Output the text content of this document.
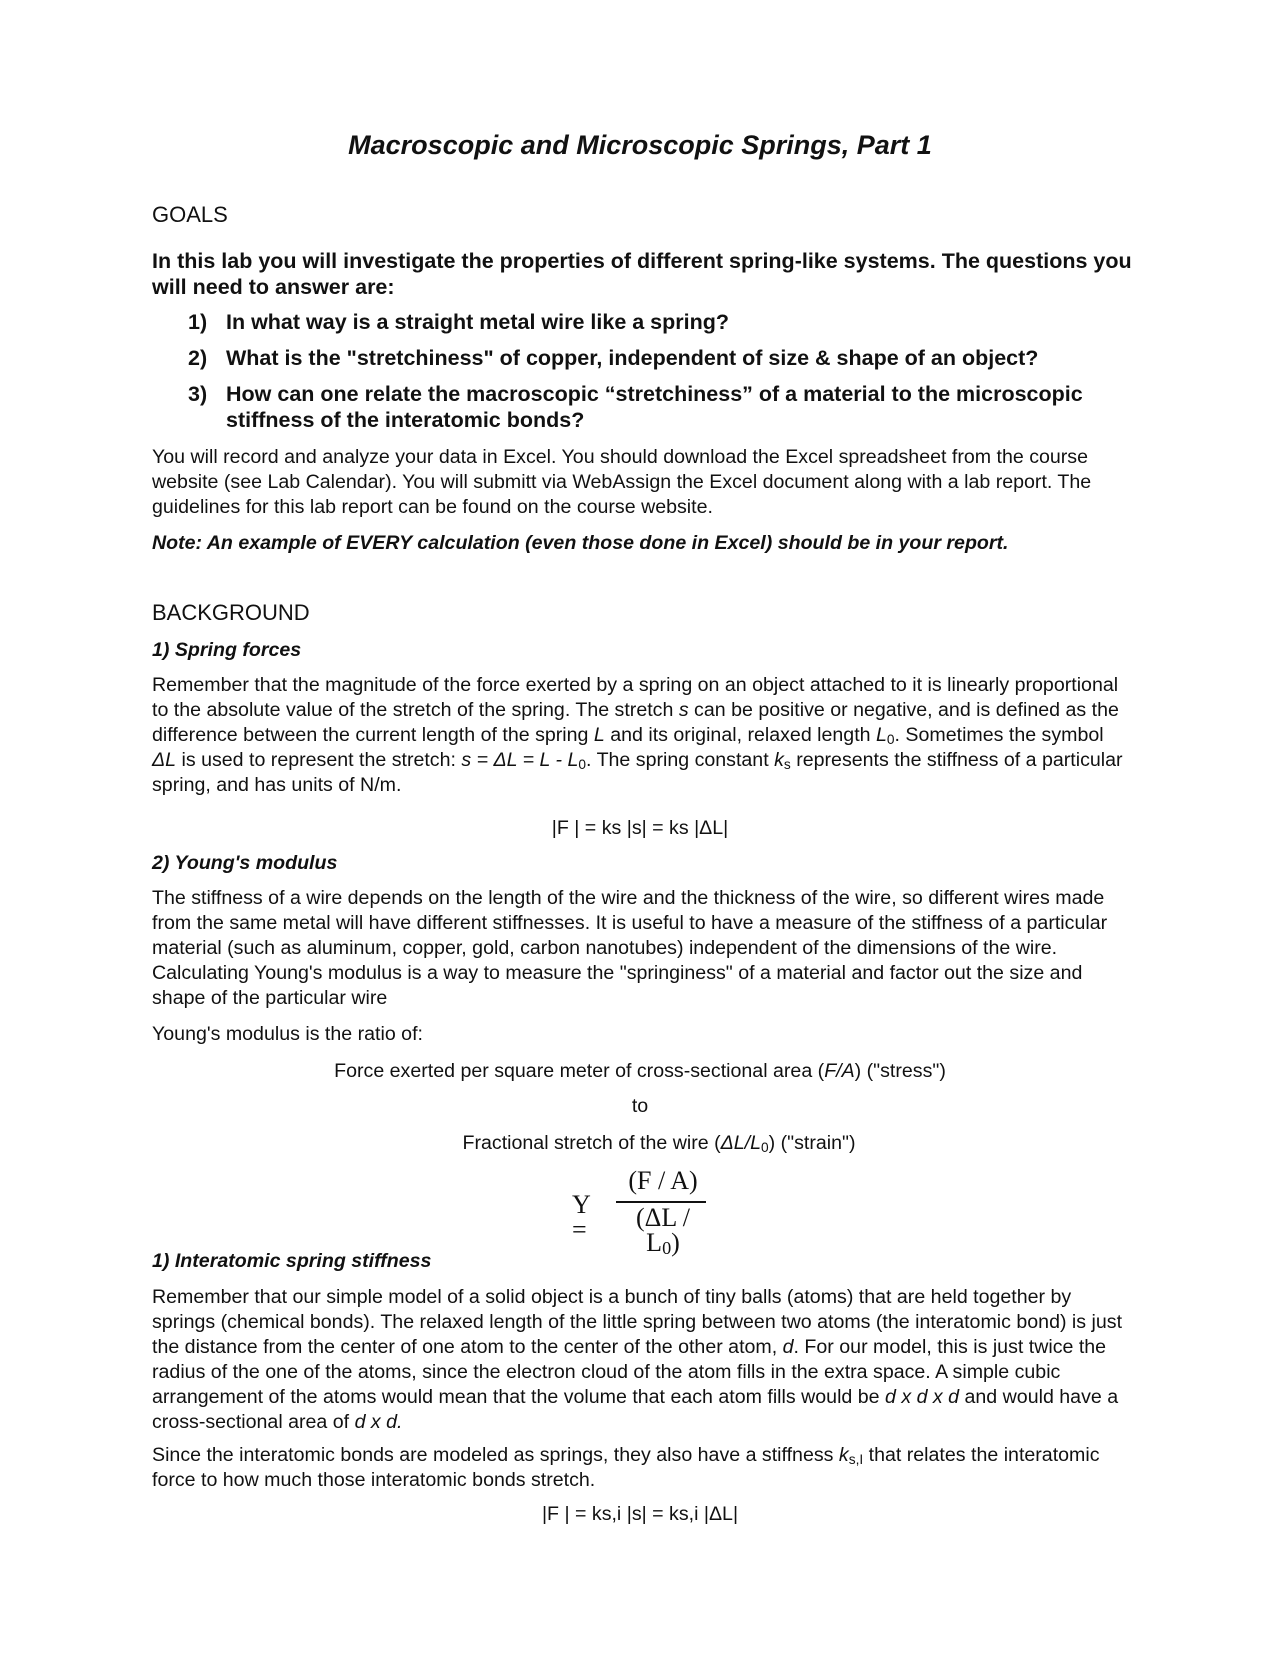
Macroscopic and Microscopic Springs, Part 1
GOALS
In this lab you will investigate the properties of different spring-like systems. The questions you will need to answer are:
1) In what way is a straight metal wire like a spring?
2) What is the "stretchiness" of copper, independent of size & shape of an object?
3) How can one relate the macroscopic “stretchiness” of a material to the microscopic stiffness of the interatomic bonds?
You will record and analyze your data in Excel. You should download the Excel spreadsheet from the course website (see Lab Calendar). You will submitt via WebAssign the Excel document along with a lab report. The guidelines for this lab report can be found on the course website.
Note: An example of EVERY calculation (even those done in Excel) should be in your report.
BACKGROUND
1) Spring forces
Remember that the magnitude of the force exerted by a spring on an object attached to it is linearly proportional to the absolute value of the stretch of the spring. The stretch s can be positive or negative, and is defined as the difference between the current length of the spring L and its original, relaxed length $L_0$. Sometimes the symbol ΔL is used to represent the stretch: $s = \Delta L = L - L_0$. The spring constant $k_s$ represents the stiffness of a particular spring, and has units of N/m.
|F | = ks |s| = ks |ΔL|
2) Young's modulus
The stiffness of a wire depends on the length of the wire and the thickness of the wire, so different wires made from the same metal will have different stiffnesses. It is useful to have a measure of the stiffness of a particular material (such as aluminum, copper, gold, carbon nanotubes) independent of the dimensions of the wire. Calculating Young's modulus is a way to measure the "springiness" of a material and factor out the size and shape of the particular wire
Young's modulus is the ratio of:
Force exerted per square meter of cross-sectional area (F/A) ("stress")
to
Fractional stretch of the wire $(\Delta L/L_0)$ ("strain")
Y =
(F / A)
$(\Delta L / L_0)$
1) Interatomic spring stiffness
Remember that our simple model of a solid object is a bunch of tiny balls (atoms) that are held together by springs (chemical bonds). The relaxed length of the little spring between two atoms (the interatomic bond) is just the distance from the center of one atom to the center of the other atom, d. For our model, this is just twice the radius of the one of the atoms, since the electron cloud of the atom fills in the extra space. A simple cubic arrangement of the atoms would mean that the volume that each atom fills would be d x d x d and would have a cross-sectional area of d x d.
Since the interatomic bonds are modeled as springs, they also have a stiffness $k_{s,I}$ that relates the interatomic force to how much those interatomic bonds stretch.
|F | = ks,i |s| = ks,i |ΔL|
